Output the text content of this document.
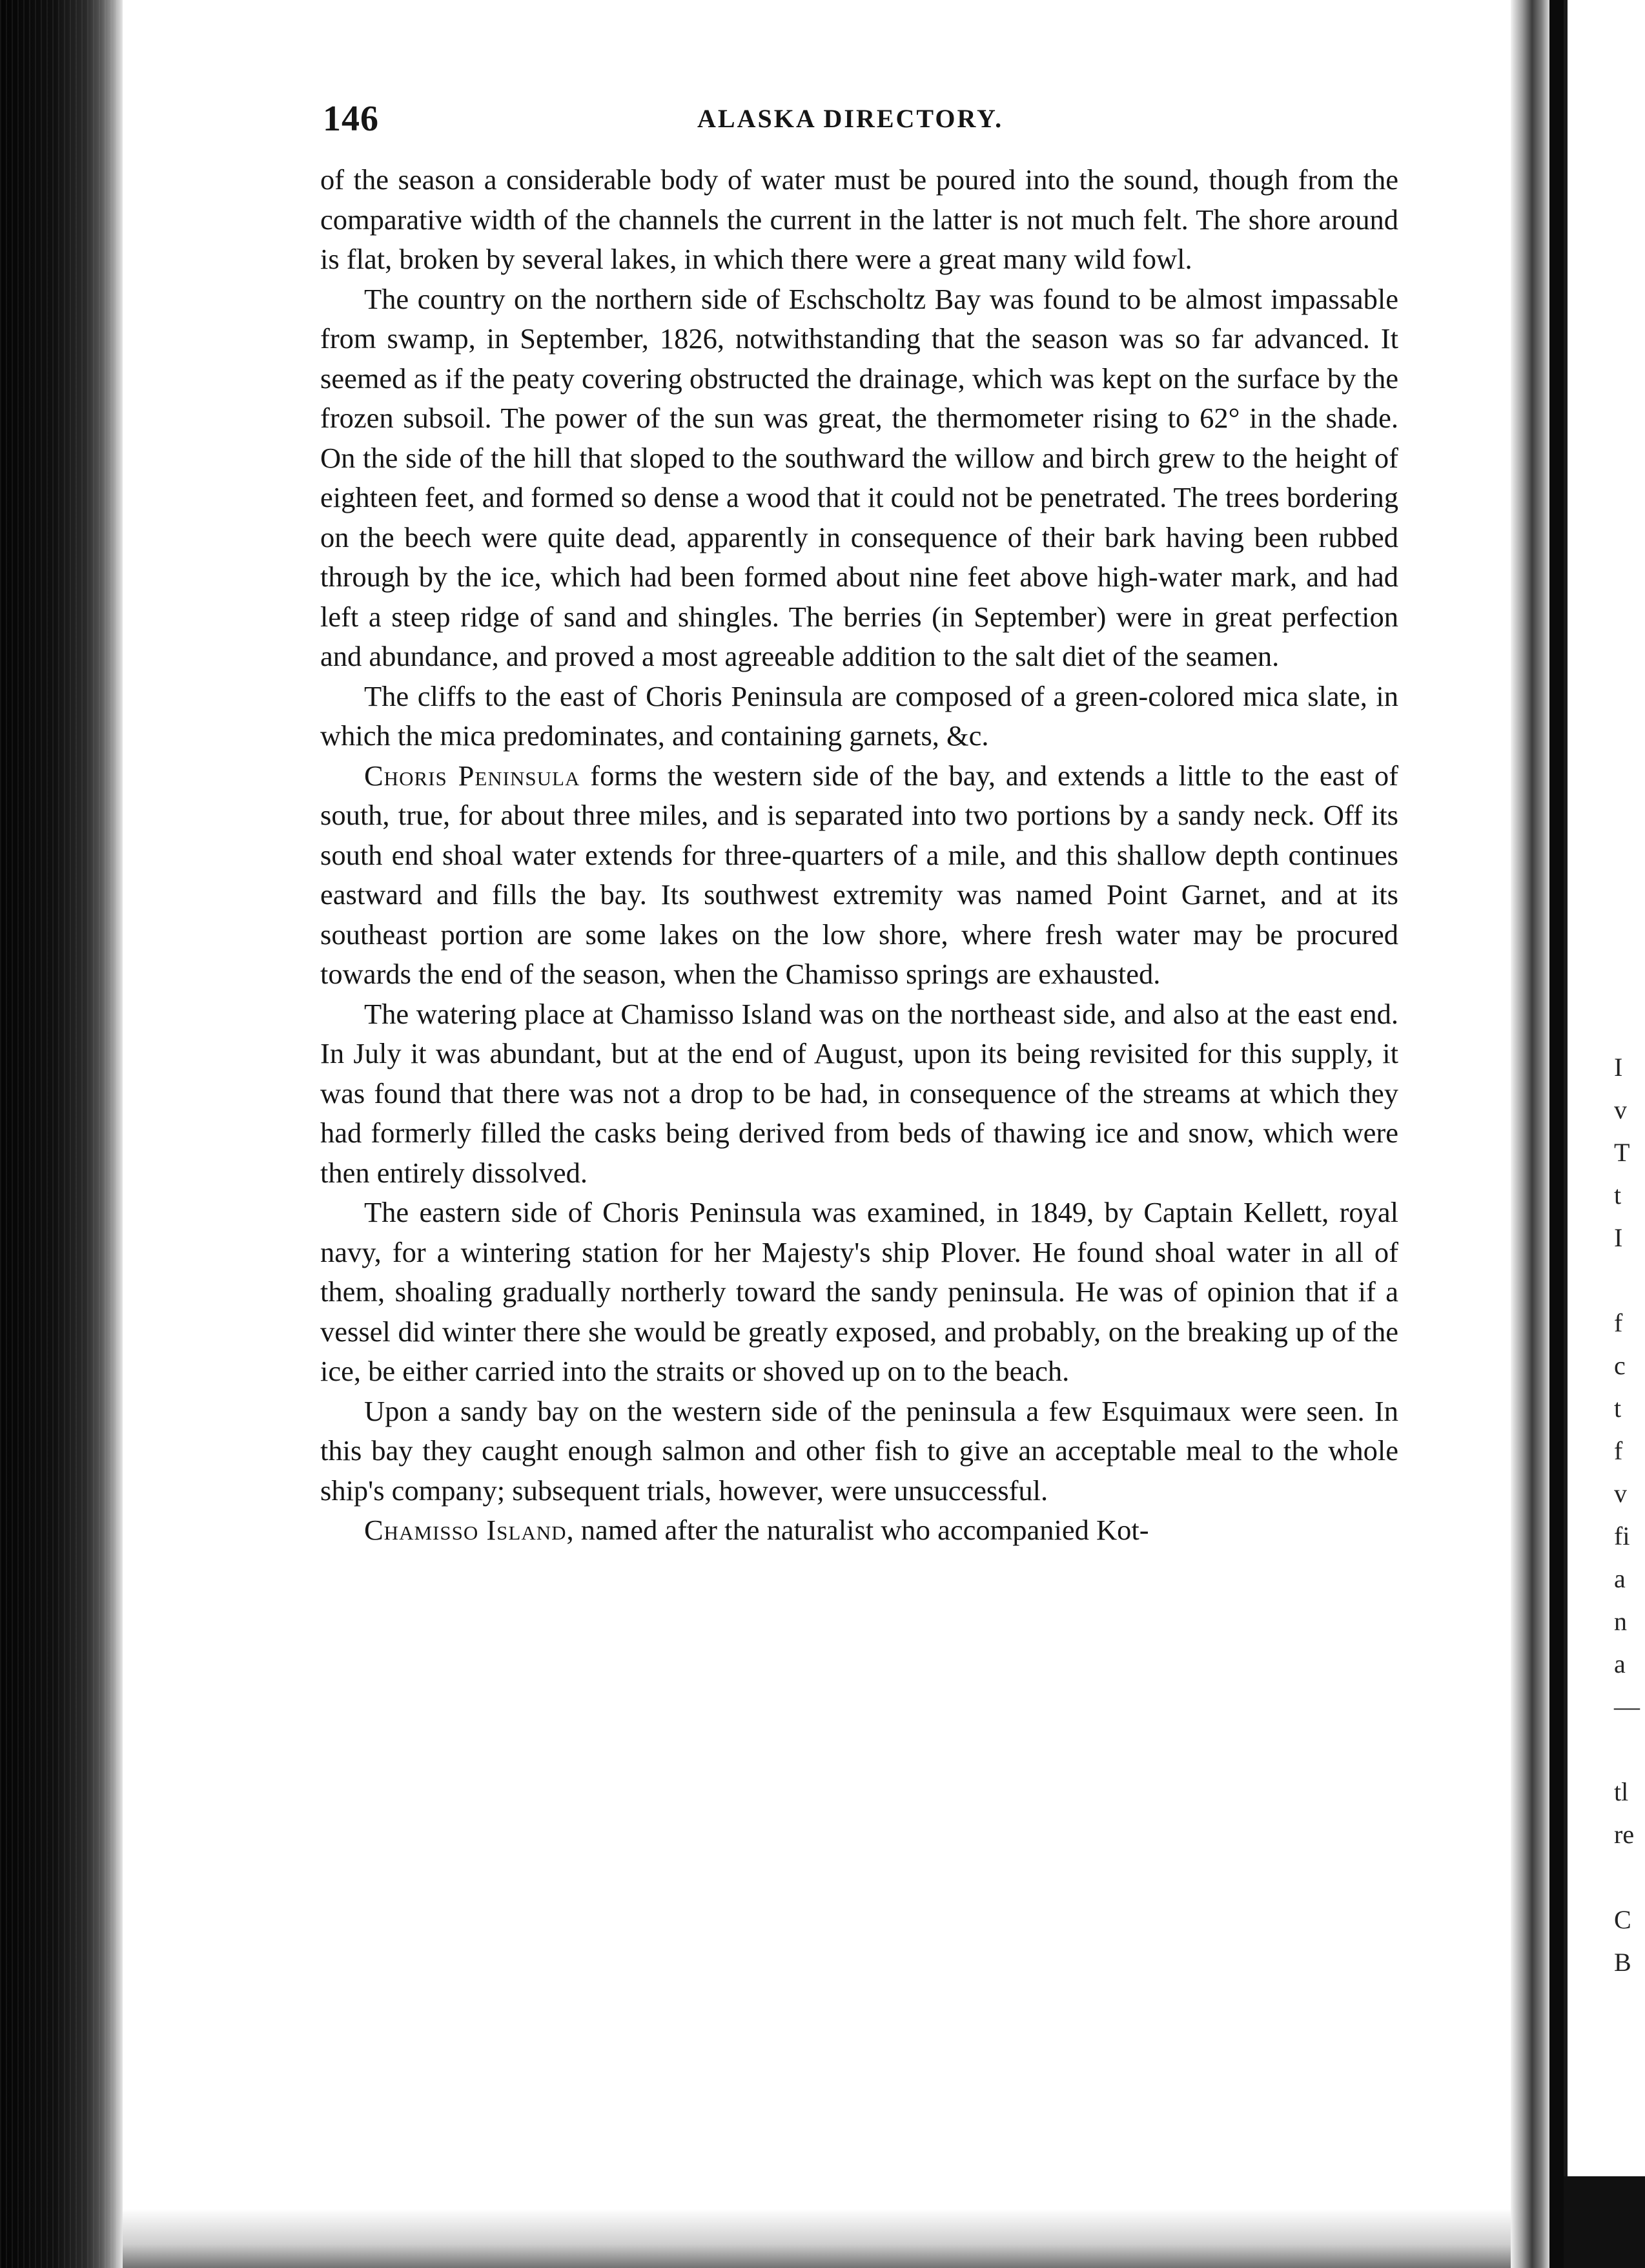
I
v
T
t
I

f
c
t
f
v
fi
a
n
a
—

tl
re

C
B
146	ALASKA DIRECTORY.

of the season a considerable body of water must be poured into the sound, though from the comparative width of the channels the current in the latter is not much felt. The shore around is flat, broken by several lakes, in which there were a great many wild fowl.

The country on the northern side of Eschscholtz Bay was found to be almost impassable from swamp, in September, 1826, notwithstanding that the season was so far advanced. It seemed as if the peaty covering obstructed the drainage, which was kept on the surface by the frozen subsoil. The power of the sun was great, the thermometer rising to 62° in the shade. On the side of the hill that sloped to the southward the willow and birch grew to the height of eighteen feet, and formed so dense a wood that it could not be penetrated. The trees bordering on the beech were quite dead, apparently in consequence of their bark having been rubbed through by the ice, which had been formed about nine feet above high-water mark, and had left a steep ridge of sand and shingles. The berries (in September) were in great perfection and abundance, and proved a most agreeable addition to the salt diet of the seamen.

The cliffs to the east of Choris Peninsula are composed of a green-colored mica slate, in which the mica predominates, and containing garnets, &c.

Choris Peninsula forms the western side of the bay, and extends a little to the east of south, true, for about three miles, and is separated into two portions by a sandy neck. Off its south end shoal water extends for three-quarters of a mile, and this shallow depth continues eastward and fills the bay. Its southwest extremity was named Point Garnet, and at its southeast portion are some lakes on the low shore, where fresh water may be procured towards the end of the season, when the Chamisso springs are exhausted.

The watering place at Chamisso Island was on the northeast side, and also at the east end. In July it was abundant, but at the end of August, upon its being revisited for this supply, it was found that there was not a drop to be had, in consequence of the streams at which they had formerly filled the casks being derived from beds of thawing ice and snow, which were then entirely dissolved.

The eastern side of Choris Peninsula was examined, in 1849, by Captain Kellett, royal navy, for a wintering station for her Majesty's ship Plover. He found shoal water in all of them, shoaling gradually northerly toward the sandy peninsula. He was of opinion that if a vessel did winter there she would be greatly exposed, and probably, on the breaking up of the ice, be either carried into the straits or shoved up on to the beach.

Upon a sandy bay on the western side of the peninsula a few Esquimaux were seen. In this bay they caught enough salmon and other fish to give an acceptable meal to the whole ship's company; subsequent trials, however, were unsuccessful.

Chamisso Island, named after the naturalist who accompanied Kot-
